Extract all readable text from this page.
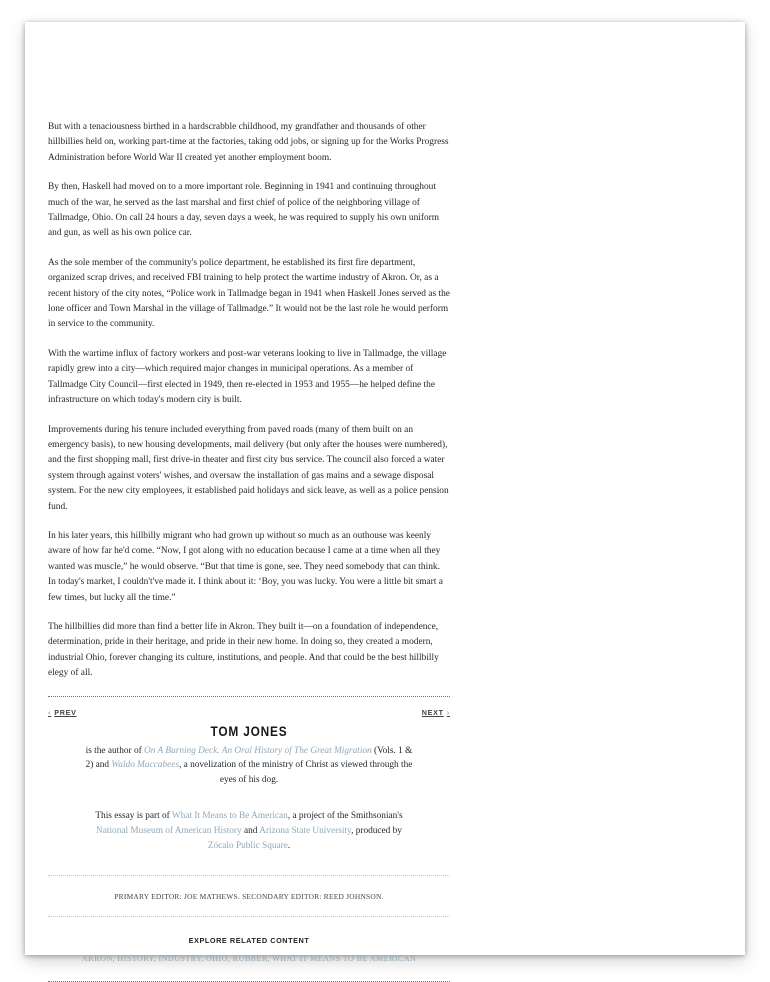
But with a tenaciousness birthed in a hardscrabble childhood, my grandfather and thousands of other hillbillies held on, working part-time at the factories, taking odd jobs, or signing up for the Works Progress Administration before World War II created yet another employment boom.

By then, Haskell had moved on to a more important role. Beginning in 1941 and continuing throughout much of the war, he served as the last marshal and first chief of police of the neighboring village of Tallmadge, Ohio. On call 24 hours a day, seven days a week, he was required to supply his own uniform and gun, as well as his own police car.

As the sole member of the community's police department, he established its first fire department, organized scrap drives, and received FBI training to help protect the wartime industry of Akron. Or, as a recent history of the city notes, “Police work in Tallmadge began in 1941 when Haskell Jones served as the lone officer and Town Marshal in the village of Tallmadge.” It would not be the last role he would perform in service to the community.

With the wartime influx of factory workers and post-war veterans looking to live in Tallmadge, the village rapidly grew into a city—which required major changes in municipal operations. As a member of Tallmadge City Council—first elected in 1949, then re-elected in 1953 and 1955—he helped define the infrastructure on which today's modern city is built.

Improvements during his tenure included everything from paved roads (many of them built on an emergency basis), to new housing developments, mail delivery (but only after the houses were numbered), and the first shopping mall, first drive-in theater and first city bus service. The council also forced a water system through against voters' wishes, and oversaw the installation of gas mains and a sewage disposal system. For the new city employees, it established paid holidays and sick leave, as well as a police pension fund.

In his later years, this hillbilly migrant who had grown up without so much as an outhouse was keenly aware of how far he'd come. “Now, I got along with no education because I came at a time when all they wanted was muscle,” he would observe. “But that time is gone, see. They need somebody that can think. In today's market, I couldn't've made it. I think about it: ‘Boy, you was lucky. You were a little bit smart a few times, but lucky all the time.”

The hillbillies did more than find a better life in Akron. They built it—on a foundation of independence, determination, pride in their heritage, and pride in their new home. In doing so, they created a modern, industrial Ohio, forever changing its culture, institutions, and people. And that could be the best hillbilly elegy of all.

‹ PREV	NEXT ›
TOM JONES
is the author of On A Burning Deck. An Oral History of The Great Migration (Vols. 1 & 2) and Waldo Maccabees, a novelization of the ministry of Christ as viewed through the eyes of his dog.
This essay is part of What It Means to Be American, a project of the Smithsonian's National Museum of American History and Arizona State University, produced by Zócalo Public Square.
PRIMARY EDITOR: JOE MATHEWS. SECONDARY EDITOR: REED JOHNSON.
EXPLORE RELATED CONTENT
AKRON, HISTORY, INDUSTRY, OHIO, RUBBER, WHAT IT MEANS TO BE AMERICAN
